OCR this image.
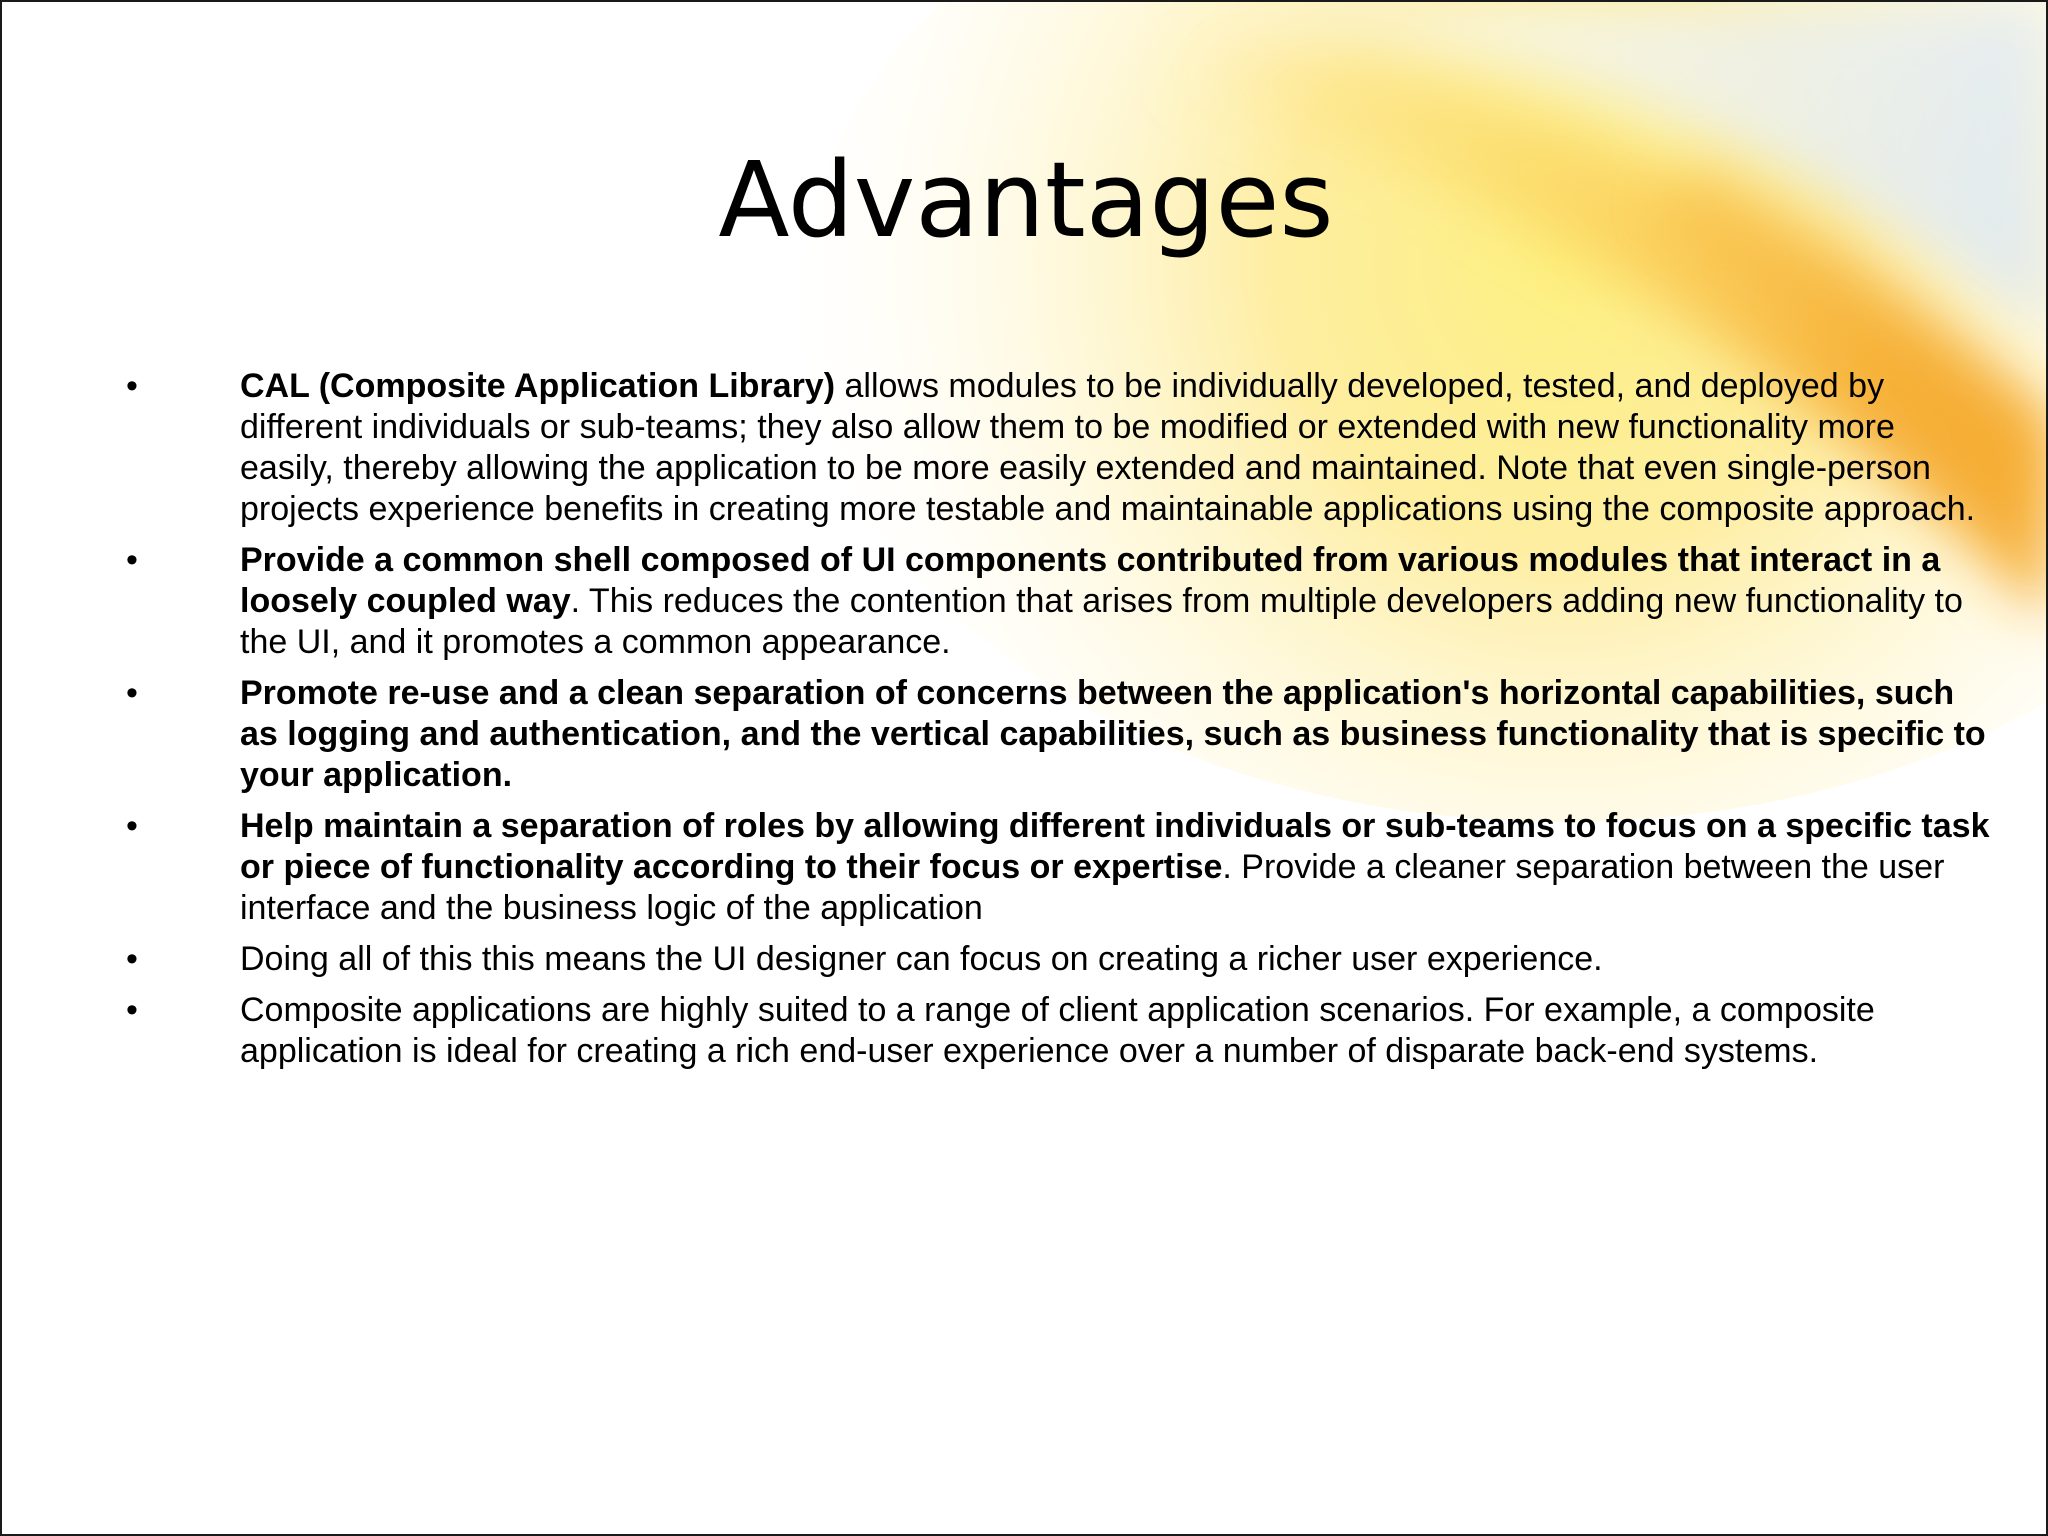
Advantages
•	CAL (Composite Application Library) allows modules to be individually developed, tested, and deployed by different individuals or sub-teams; they also allow them to be modified or extended with new functionality more easily, thereby allowing the application to be more easily extended and maintained. Note that even single-person projects experience benefits in creating more testable and maintainable applications using the composite approach.
•	Provide a common shell composed of UI components contributed from various modules that interact in a loosely coupled way. This reduces the contention that arises from multiple developers adding new functionality to the UI, and it promotes a common appearance.
•	Promote re-use and a clean separation of concerns between the application's horizontal capabilities, such as logging and authentication, and the vertical capabilities, such as business functionality that is specific to your application.
•	Help maintain a separation of roles by allowing different individuals or sub-teams to focus on a specific task or piece of functionality according to their focus or expertise. Provide a cleaner separation between the user interface and the business logic of the application
•	Doing all of this this means the UI designer can focus on creating a richer user experience.
•	Composite applications are highly suited to a range of client application scenarios. For example, a composite application is ideal for creating a rich end-user experience over a number of disparate back-end systems.
